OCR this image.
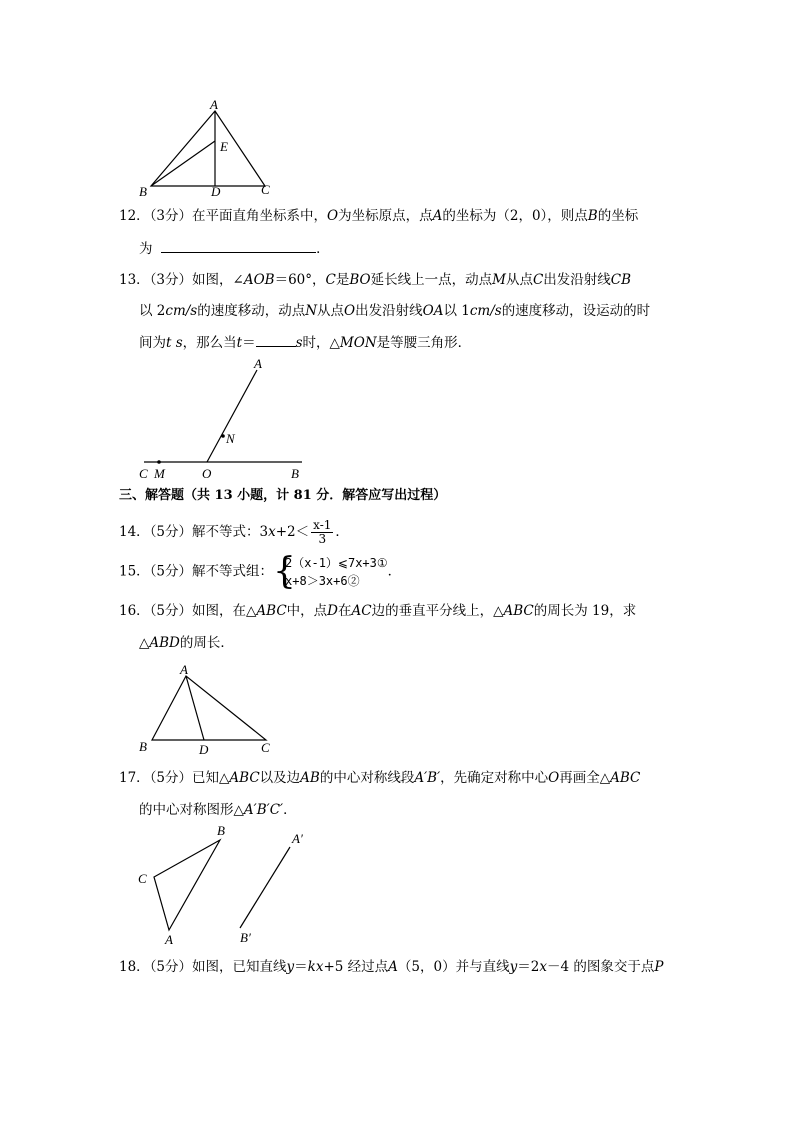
A
E
B	D	C
12．（3分）在平面直角坐标系中，O为坐标原点，点A的坐标为（2，0），则点B的坐标
为	．
13．（3分）如图，∠AOB＝60°，C是BO延长线上一点，动点M从点C出发沿射线CB
以 2cm/s的速度移动，动点N从点O出发沿射线OA以 1cm/s的速度移动，设运动的时
间为t s，那么当t＝	s时，△MON是等腰三角形．
A
N
C M	O	B
三、解答题（共 13 小题，计 81 分．解答应写出过程）
14．（5分）解不等式：$3x+2< \frac{x-1}{3}$ ．
15．（5分）解不等式组： {
2（x-1）⩽7x+3①
x+8＞3x+6②
．
16．（5分）如图，在△ABC中，点D在AC边的垂直平分线上，△ABC的周长为 19，求
△ABD的周长．
A
B	D	C
17．（5分）已知△ABC以及边AB的中心对称线段A′B′，先确定对称中心O再画全△ABC
的中心对称图形△A′B′C′．
B
C
A
A′
B′
18．（5分）如图，已知直线y＝kx+5 经过点A（5，0）并与直线y＝2x－4 的图象交于点P
